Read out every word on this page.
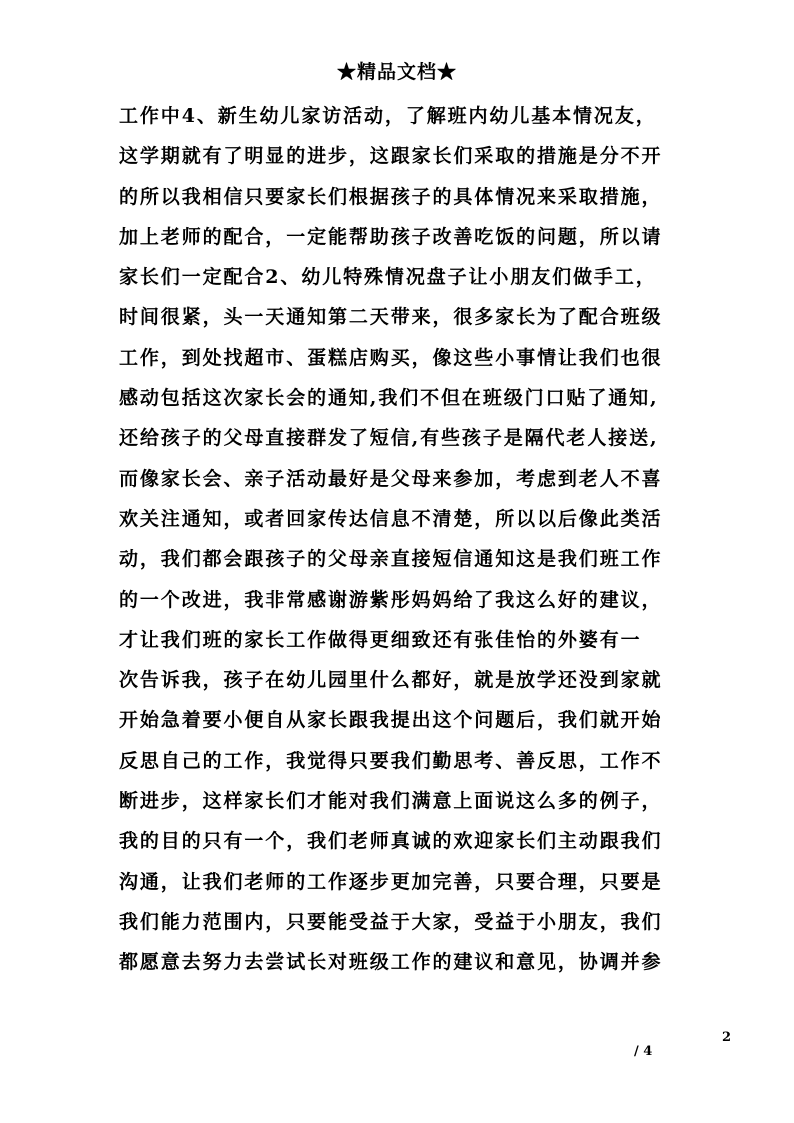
★精品文档★
工作中4、新生幼儿家访活动，了解班内幼儿基本情况友，
这学期就有了明显的进步，这跟家长们采取的措施是分不开
的所以我相信只要家长们根据孩子的具体情况来采取措施，
加上老师的配合，一定能帮助孩子改善吃饭的问题，所以请
家长们一定配合2、幼儿特殊情况盘子让小朋友们做手工，
时间很紧，头一天通知第二天带来，很多家长为了配合班级
工作，到处找超市、蛋糕店购买，像这些小事情让我们也很
感动包括这次家长会的通知,我们不但在班级门口贴了通知,
还给孩子的父母直接群发了短信,有些孩子是隔代老人接送,
而像家长会、亲子活动最好是父母来参加，考虑到老人不喜
欢关注通知，或者回家传达信息不清楚，所以以后像此类活
动，我们都会跟孩子的父母亲直接短信通知这是我们班工作
的一个改进，我非常感谢游紫彤妈妈给了我这么好的建议，
才让我们班的家长工作做得更细致还有张佳怡的外婆有一
次告诉我，孩子在幼儿园里什么都好，就是放学还没到家就
开始急着要小便自从家长跟我提出这个问题后，我们就开始
反思自己的工作，我觉得只要我们勤思考、善反思，工作不
断进步，这样家长们才能对我们满意上面说这么多的例子，
我的目的只有一个，我们老师真诚的欢迎家长们主动跟我们
沟通，让我们老师的工作逐步更加完善，只要合理，只要是
我们能力范围内，只要能受益于大家，受益于小朋友，我们
都愿意去努力去尝试长对班级工作的建议和意见，协调并参
2
/ 4
